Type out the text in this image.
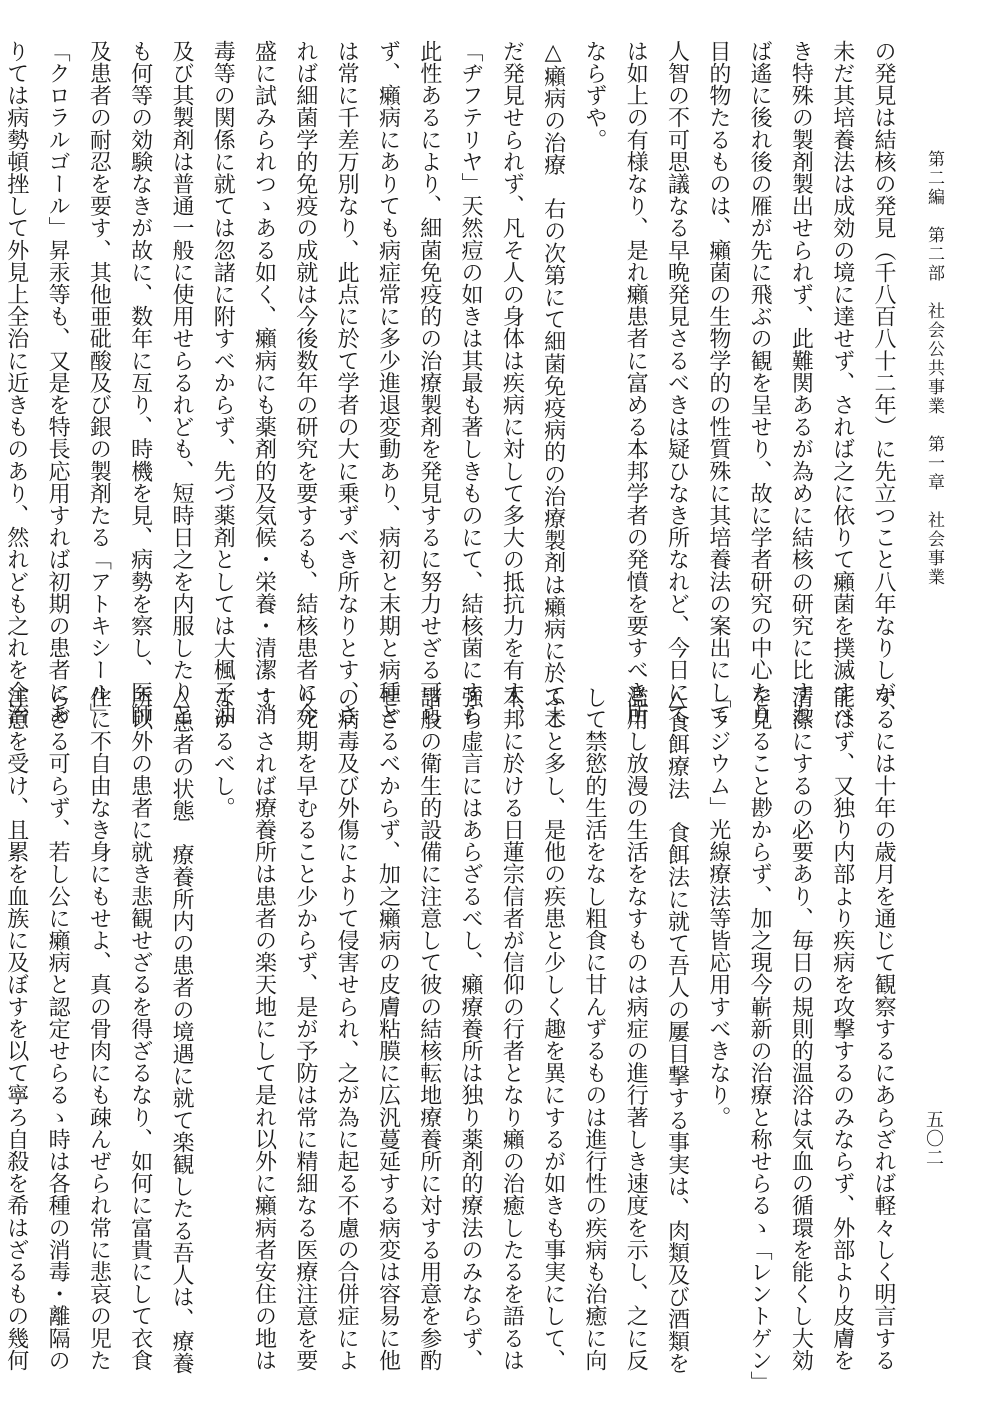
第二編　第二部　社会公共事業　第一章　社会事業
五〇二
の発見は結核の発見（千八百八十二年）に先立つこと八年なりしが、
未だ其培養法は成効の境に達せず、されば之に依りて癩菌を撲滅すべ
き特殊の製剤製出せられず、此難関あるが為めに結核の研究に比すれ
ば遙に後れ後の雁が先に飛ぶの観を呈せり、故に学者研究の中心たり
目的物たるものは、癩菌の生物学的の性質殊に其培養法の案出にして
人智の不可思議なる早晩発見さるべきは疑ひなき所なれど、今日にて
は如上の有様なり、是れ癩患者に富める本邦学者の発憤を要すべき所
ならずや。
△癩病の治療　右の次第にて細菌免疫病的の治療製剤は癩病に於て未
だ発見せられず、凡そ人の身体は疾病に対して多大の抵抗力を有す、
「ヂフテリヤ」天然痘の如きは其最も著しきものにて、結核菌にすら
此性あるにより、細菌免疫的の治療製剤を発見するに努力せざる可ら
ず、癩病にありても病症常に多少進退変動あり、病初と末期と病種と
は常に千差万別なり、此点に於て学者の大に乗ずべき所なりとす、さ
れば細菌学的免疫の成就は今後数年の研究を要するも、結核患者に今
盛に試みられつゝある如く、癩病にも薬剤的及気候・栄養・清潔・消
毒等の関係に就ては忽諸に附すべからず、先づ薬剤としては大楓子油
及び其製剤は普通一般に使用せらるれども、短時日之を内服したりと
も何等の効験なきが故に、数年に亙り、時機を見、病勢を察し、医師
及患者の耐忍を要す、其他亜砒酸及び銀の製剤たる「アトキシール」
「クロラルゴール」昇汞等も、又是を特長応用すれば初期の患者にあ
りては病勢頓挫して外見上全治に近きものあり、然れども之れを全治
するには十年の歳月を通じて観察するにあらざれば軽々しく明言する
能はず、又独り内部より疾病を攻撃するのみならず、外部より皮膚を
清潔にするの必要あり、毎日の規則的温浴は気血の循環を能くし大効
を見ること尠からず、加之現今嶄新の治療と称せらるゝ「レントゲン」
「ラジウム」光線療法等皆応用すべきなり。
△食餌療法　食餌法に就て吾人の屢目撃する事実は、肉類及び酒類を
濫用し放漫の生活をなすものは病症の進行著しき速度を示し、之に反
して禁慾的生活をなし粗食に甘んずるものは進行性の疾病も治癒に向
ふこと多し、是他の疾患と少しく趣を異にするが如きも事実にして、
本邦に於ける日蓮宗信者が信仰の行者となり癩の治癒したるを語るは
強ち虚言にはあらざるべし、癩療養所は独り薬剤的療法のみならず、
諸般の衛生的設備に注意して彼の結核転地療養所に対する用意を参酌
せざるべからず、加之癩病の皮膚粘膜に広汎蔓延する病変は容易に他
の病毒及び外傷によりて侵害せられ、之が為に起る不慮の合併症によ
り死期を早むること少からず、是が予防は常に精細なる医療注意を要
す、されば療養所は患者の楽天地にして是れ以外に癩病者安住の地は
なかるべし。
△患者の状態　療養所内の患者の境遇に就て楽観したる吾人は、療養
所以外の患者に就き悲観せざるを得ざるなり、如何に富貴にして衣食
住に不自由なき身にもせよ、真の骨肉にも疎んぜられ常に悲哀の児た
らざる可らず、若し公に癩病と認定せらるゝ時は各種の消毒・離隔の
注意を受け、且累を血族に及ぼすを以て寧ろ自殺を希はざるもの幾何
